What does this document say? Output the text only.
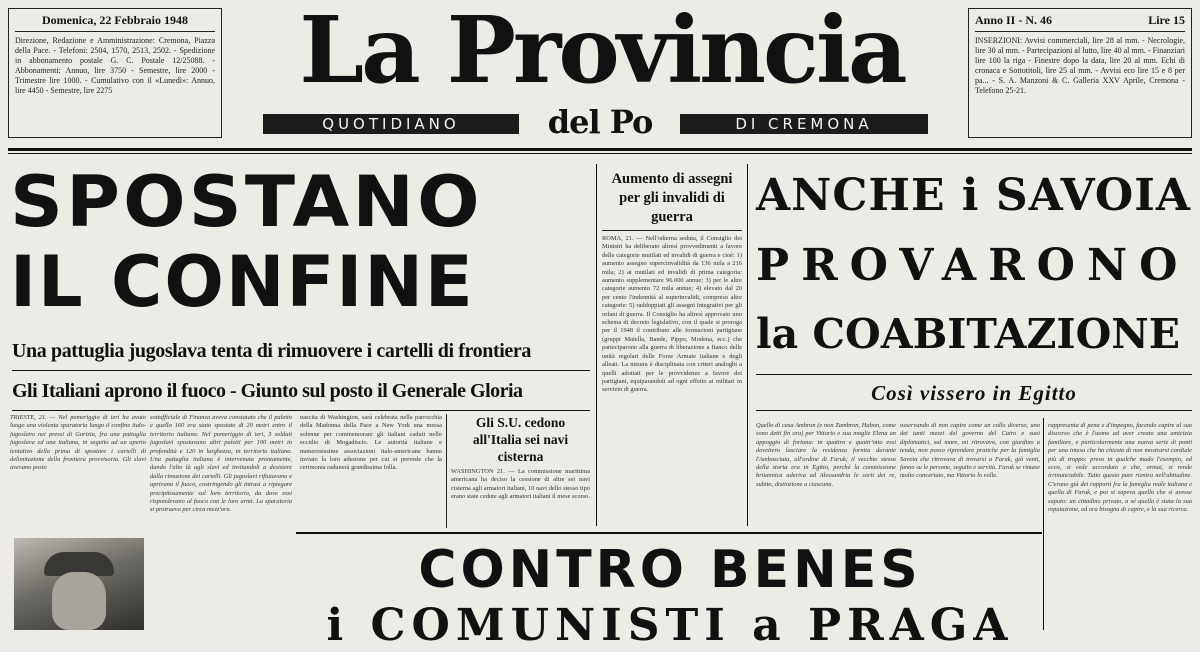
Domenica, 22 Febbraio 1948
Direzione, Redazione e Amministrazione: Cremona, Piazza della Pace. - Telefoni: 2504, 1570, 2513, 2502. - Spedizione in abbonamento postale G. C. Postale 12/25088. - Abbonamenti: Annuo, lire 3750 - Semestre, lire 2000 - Trimestre lire 1000. - Cumulativo con il «Lunedì»: Annuo, lire 4450 - Semestre, lire 2275	La Provincia
QUOTIDIANO	del Po	DI CREMONA
Anno II - N. 46	Lire 15
INSERZIONI: Avvisi commerciali, lire 28 al mm. - Necrologie, lire 30 al mm. - Partecipazioni al lutto, lire 40 al mm. - Finanziari lire 100 la riga - Finestre dopo la data, lire 20 al mm. Echi di cronaca e Sottotitoli, lire 25 al mm. - Avvisi eco lire 15 e 8 per pa... - S. A. Manzoni & C. Galleria XXV Aprile, Cremona - Telefono 25-21.
SPOSTANO
IL CONFINE
Una pattuglia jugoslava tenta di rimuovere i cartelli di frontiera
Gli Italiani aprono il fuoco - Giunto sul posto il Generale Gloria
TRIESTE, 21. — Nel pomeriggio di ieri ha avuto luogo una violenta sparatoria lungo il confine italo-jugoslavo nei pressi di Gorizia, fra una pattuglia jugoslava ed una italiana, in seguito ad un aperto tentativo della prima di spostare i cartelli di delimitazione della frontiera provvisoria. Gli slavi avevano posto
sottufficiale di Finanza aveva constatato che il paletto e quello 160 era stato spostato di 20 metri entro il territorio italiano. Nel pomeriggio di ieri, 3 soldati jugoslavi spostavano altri paletti per 100 metri in profondità e 120 in larghezza, in territorio italiano. Una pattuglia italiana è intervenuta prontamente, dando l'alto là agli slavi ed invitandoli a desistere dalla rimozione dei cartelli. Gli jugoslavi rifiutavano e aprivano il fuoco, costringendo gli intrusi a ripiegare precipitosamente sul loro territorio, da dove essi rispondevano al fuoco con le loro armi. La sparatoria si protraeva per circa mezz'ora.
nascita di Washington, sarà celebrata nella parrocchia della Madonna della Pace a New York una messa solenne per commemorare gli italiani caduti nello eccidio di Mogadiscio. Le autorità italiane e numerosissime associazioni italo-americane hanno inviato la loro adesione per cui si prevede che la cerimonia radunerà grandissima folla.
Gli S.U. cedono all'Italia sei navi cisterna
WASHINGTON 21. — La commissione marittima americana ha deciso la cessione di altre sei navi cisterna agli armatori italiani, 10 navi dello stesso tipo erano state cedute agli armatori italiani il mese scorso.
Aumento di assegni per gli invalidi di guerra
ROMA, 21. — Nell'odierna seduta, il Consiglio dei Ministri ha deliberato altresì provvedimenti a favore delle categorie mutilati ed invalidi di guerra e cioè: 1) aumento assegno supercinvalidità da 136 mila a 216 mila; 2) ai mutilati ed invalidi di prima categoria: aumento supplementare 96.000 annue; 3) per le altre categorie aumento 72 mila annue; 4) elevato dal 20 per cento l'indennità al superinvalidi, compreso altre categorie: 5) raddoppiati gli assegni integrativi per gli orfani di guerra. Il Consiglio ha altresì approvato uno schema di decreto legislativo, con il quale si proroga per il 1948 il contributo alle formazioni partigiane (gruppi Maiella, Bande, Pippo, Modena, ecc.) che parteciparono alla guerra di liberazione a fianco delle unità regolari delle Forze Armate italiane e degli alleati. La misura è disciplinata con criteri analoghi a quelli adottati per le provvidenze a favore dei partigiani, equiparandoli ad ogni effetto ai militari in servizio di guerra.
ANCHE i SAVOIA
PROVARONO
la COABITAZIONE
Così vissero in Egitto
Quello di casa Ambron (e non Zambron, Habon, come sono detti fin ora) per Vittorio e sua moglie Elena un appoggio di fortuna: in quattro e quattr'otto essi dovettero lasciare la residenza fornita durante l'Ambasciata, all'ordine di Faruk; il vecchio stesso della storia era in Egitto, perché la commissione britannica aderiva ad Alessandria le sorti dei re, subito, distinzione a ciascuna.
osservando di non capire come un collo diverso, uno dei tanti mezzi del governo del Cairo e suoi diplomatici, sul mare, mi ritrovavo, con giardino a tenda, non posso riprendere pratiche per la famiglia Savoia che ritrovava di trovarsi a Faruk, già venti, fanno su le persone, seguito e servitù. Faruk se rimase molto concertato, ma Vittorio lo volle.
rappresenta di pena e d'impegno, facendo capire al suo discorso che è l'uomo ad aver creato una amicizia familiare, e particolarmente una nuova serie di ponti per una intesa che ha chiesto di non mostrarsi cordiale più di troppo: preso in qualche modo l'esempio, ed ecco, si vede accordato e che, ormai, si rende irrinunciabile. Tutto questo pure rientra nell'abitudine. C'erano già dei rapporti fra la famiglia reale italiana e quella di Faruk, e poi si sapeva quello che si avesse saputo: un cittadino privato, a sé quella è stata la sua reputazione, ed ora bisogna di capire, e la sua ricerca.
CONTRO BENES
i COMUNISTI a PRAGA
